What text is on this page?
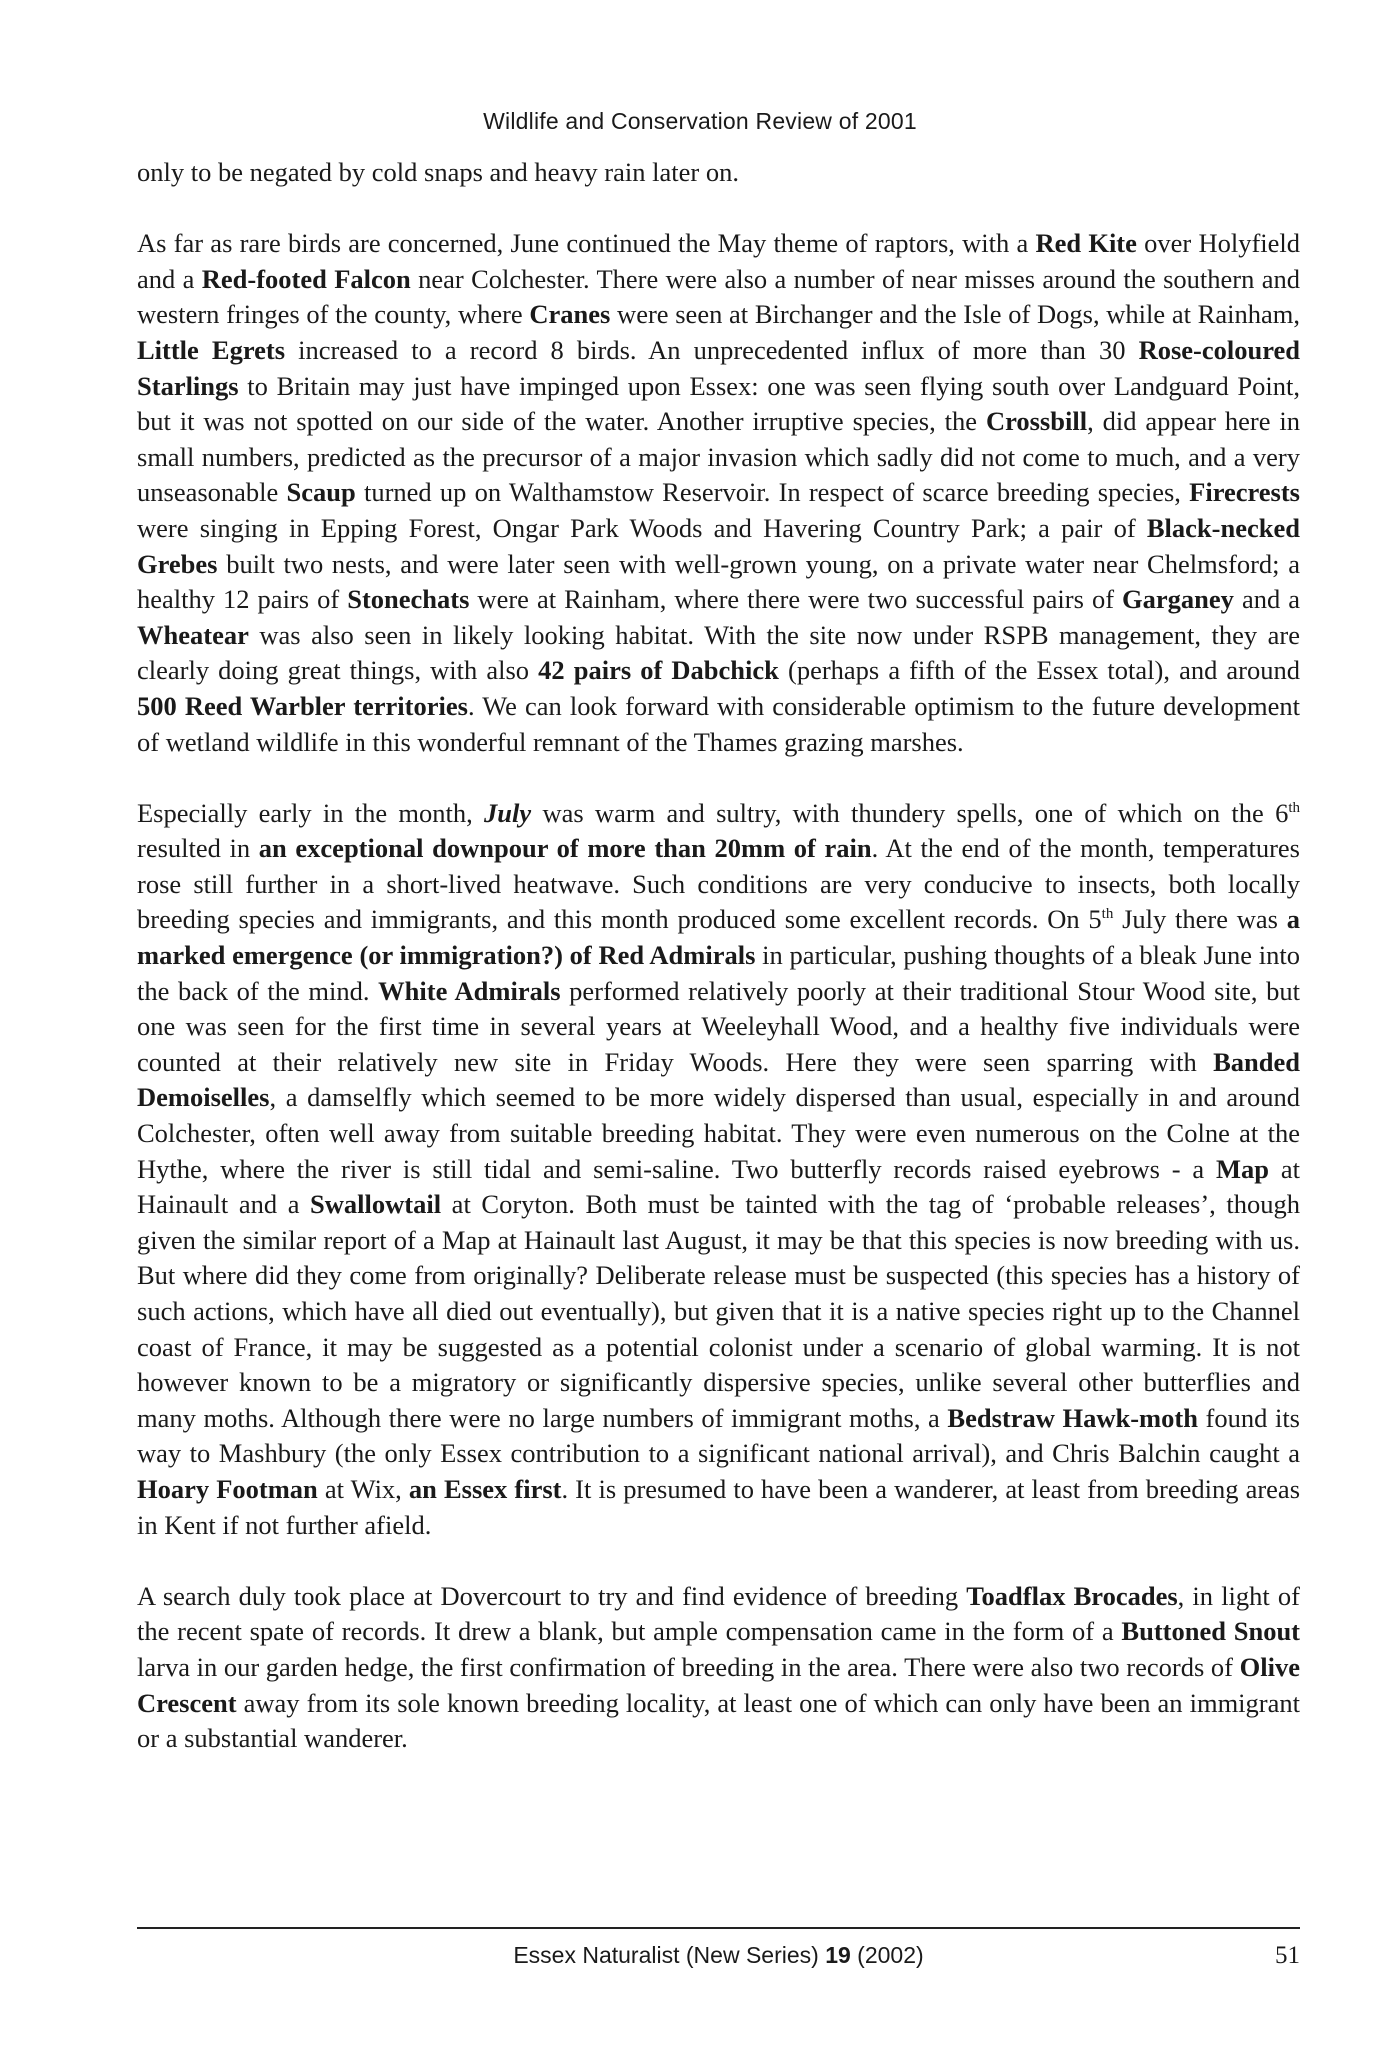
Wildlife and Conservation Review of 2001

only to be negated by cold snaps and heavy rain later on.

As far as rare birds are concerned, June continued the May theme of raptors, with a Red Kite over Holyfield and a Red-footed Falcon near Colchester. There were also a number of near misses around the southern and western fringes of the county, where Cranes were seen at Birchanger and the Isle of Dogs, while at Rainham, Little Egrets increased to a record 8 birds. An unprecedented influx of more than 30 Rose-coloured Starlings to Britain may just have impinged upon Essex: one was seen flying south over Landguard Point, but it was not spotted on our side of the water. Another irruptive species, the Crossbill, did appear here in small numbers, predicted as the precursor of a major invasion which sadly did not come to much, and a very unseasonable Scaup turned up on Walthamstow Reservoir. In respect of scarce breeding species, Firecrests were singing in Epping Forest, Ongar Park Woods and Havering Country Park; a pair of Black-necked Grebes built two nests, and were later seen with well-grown young, on a private water near Chelmsford; a healthy 12 pairs of Stonechats were at Rainham, where there were two successful pairs of Garganey and a Wheatear was also seen in likely looking habitat. With the site now under RSPB management, they are clearly doing great things, with also 42 pairs of Dabchick (perhaps a fifth of the Essex total), and around 500 Reed Warbler territories. We can look forward with considerable optimism to the future development of wetland wildlife in this wonderful remnant of the Thames grazing marshes.

Especially early in the month, July was warm and sultry, with thundery spells, one of which on the 6th resulted in an exceptional downpour of more than 20mm of rain. At the end of the month, temperatures rose still further in a short-lived heatwave. Such conditions are very conducive to insects, both locally breeding species and immigrants, and this month produced some excellent records. On 5th July there was a marked emergence (or immigration?) of Red Admirals in particular, pushing thoughts of a bleak June into the back of the mind. White Admirals performed relatively poorly at their traditional Stour Wood site, but one was seen for the first time in several years at Weeleyhall Wood, and a healthy five individuals were counted at their relatively new site in Friday Woods. Here they were seen sparring with Banded Demoiselles, a damselfly which seemed to be more widely dispersed than usual, especially in and around Colchester, often well away from suitable breeding habitat. They were even numerous on the Colne at the Hythe, where the river is still tidal and semi-saline. Two butterfly records raised eyebrows - a Map at Hainault and a Swallowtail at Coryton. Both must be tainted with the tag of ‘probable releases’, though given the similar report of a Map at Hainault last August, it may be that this species is now breeding with us. But where did they come from originally? Deliberate release must be suspected (this species has a history of such actions, which have all died out eventually), but given that it is a native species right up to the Channel coast of France, it may be suggested as a potential colonist under a scenario of global warming. It is not however known to be a migratory or significantly dispersive species, unlike several other butterflies and many moths. Although there were no large numbers of immigrant moths, a Bedstraw Hawk-moth found its way to Mashbury (the only Essex contribution to a significant national arrival), and Chris Balchin caught a Hoary Footman at Wix, an Essex first. It is presumed to have been a wanderer, at least from breeding areas in Kent if not further afield.

A search duly took place at Dovercourt to try and find evidence of breeding Toadflax Brocades, in light of the recent spate of records. It drew a blank, but ample compensation came in the form of a Buttoned Snout larva in our garden hedge, the first confirmation of breeding in the area. There were also two records of Olive Crescent away from its sole known breeding locality, at least one of which can only have been an immigrant or a substantial wanderer.

Essex Naturalist (New Series) 19 (2002)	51
